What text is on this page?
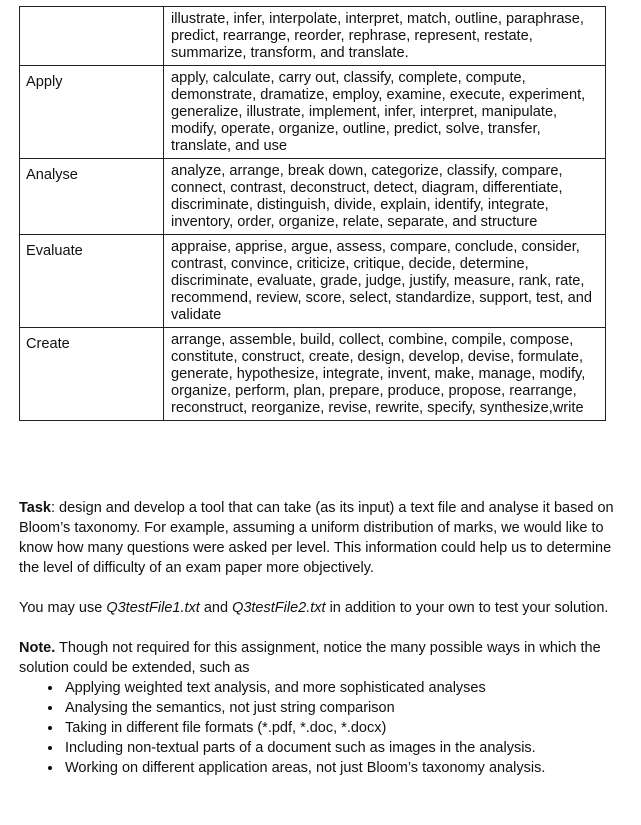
	illustrate, infer, interpolate, interpret, match, outline, paraphrase, predict, rearrange, reorder, rephrase, represent, restate, summarize, transform, and translate.
Apply	apply, calculate, carry out, classify, complete, compute, demonstrate, dramatize, employ, examine, execute, experiment, generalize, illustrate, implement, infer, interpret, manipulate, modify, operate, organize, outline, predict, solve, transfer, translate, and use
Analyse	analyze, arrange, break down, categorize, classify, compare, connect, contrast, deconstruct, detect, diagram, differentiate, discriminate, distinguish, divide, explain, identify, integrate, inventory, order, organize, relate, separate, and structure
Evaluate	appraise, apprise, argue, assess, compare, conclude, consider, contrast, convince, criticize, critique, decide, determine, discriminate, evaluate, grade, judge, justify, measure, rank, rate, recommend, review, score, select, standardize, support, test, and validate
Create	arrange, assemble, build, collect, combine, compile, compose, constitute, construct, create, design, develop, devise, formulate, generate, hypothesize, integrate, invent, make, manage, modify, organize, perform, plan, prepare, produce, propose, rearrange, reconstruct, reorganize, revise, rewrite, specify, synthesize,write

Task: design and develop a tool that can take (as its input) a text file and analyse it based on Bloom’s taxonomy. For example, assuming a uniform distribution of marks, we would like to know how many questions were asked per level. This information could help us to determine the level of difficulty of an exam paper more objectively.

You may use Q3testFile1.txt and Q3testFile2.txt in addition to your own to test your solution.

Note. Though not required for this assignment, notice the many possible ways in which the solution could be extended, such as

• Applying weighted text analysis, and more sophisticated analyses
• Analysing the semantics, not just string comparison
• Taking in different file formats (*.pdf, *.doc, *.docx)
• Including non-textual parts of a document such as images in the analysis.
• Working on different application areas, not just Bloom’s taxonomy analysis.
